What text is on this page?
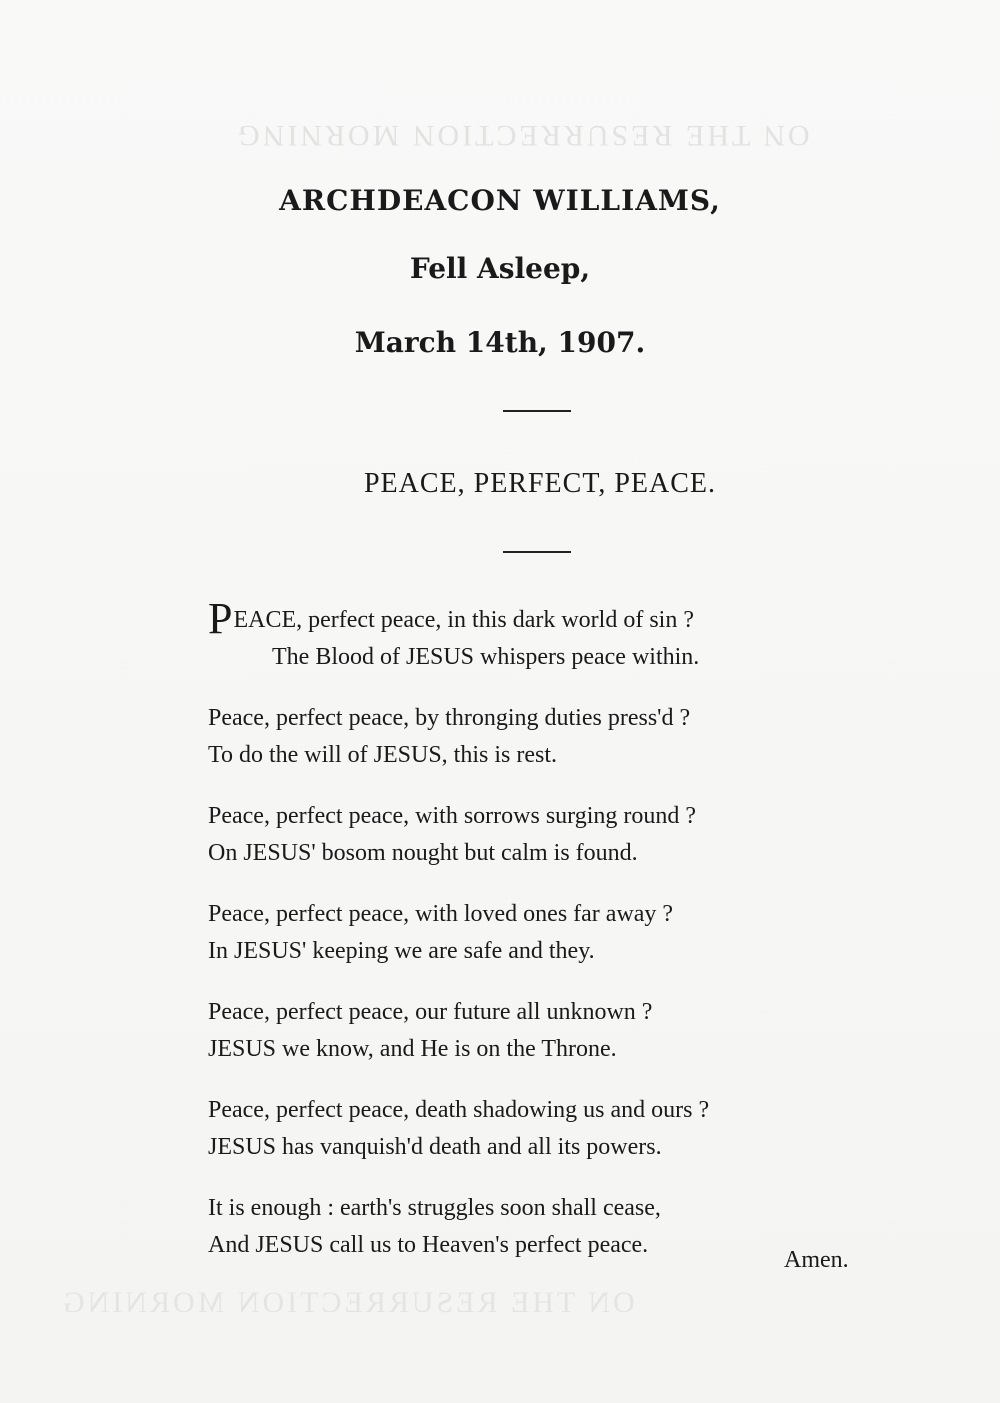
ON THE RESURRECTION MORNING
ON THE RESURRECTION MORNING
ARCHDEACON WILLIAMS,
Fell Asleep,
March 14th, 1907.
PEACE, PERFECT, PEACE.
PEACE, perfect peace, in this dark world of sin ?
The Blood of JESUS whispers peace within.
Peace, perfect peace, by thronging duties press'd ?
To do the will of JESUS, this is rest.
Peace, perfect peace, with sorrows surging round ?
On JESUS' bosom nought but calm is found.
Peace, perfect peace, with loved ones far away ?
In JESUS' keeping we are safe and they.
Peace, perfect peace, our future all unknown ?
JESUS we know, and He is on the Throne.
Peace, perfect peace, death shadowing us and ours ?
JESUS has vanquish'd death and all its powers.
It is enough : earth's struggles soon shall cease,
And JESUS call us to Heaven's perfect peace.
Amen.
